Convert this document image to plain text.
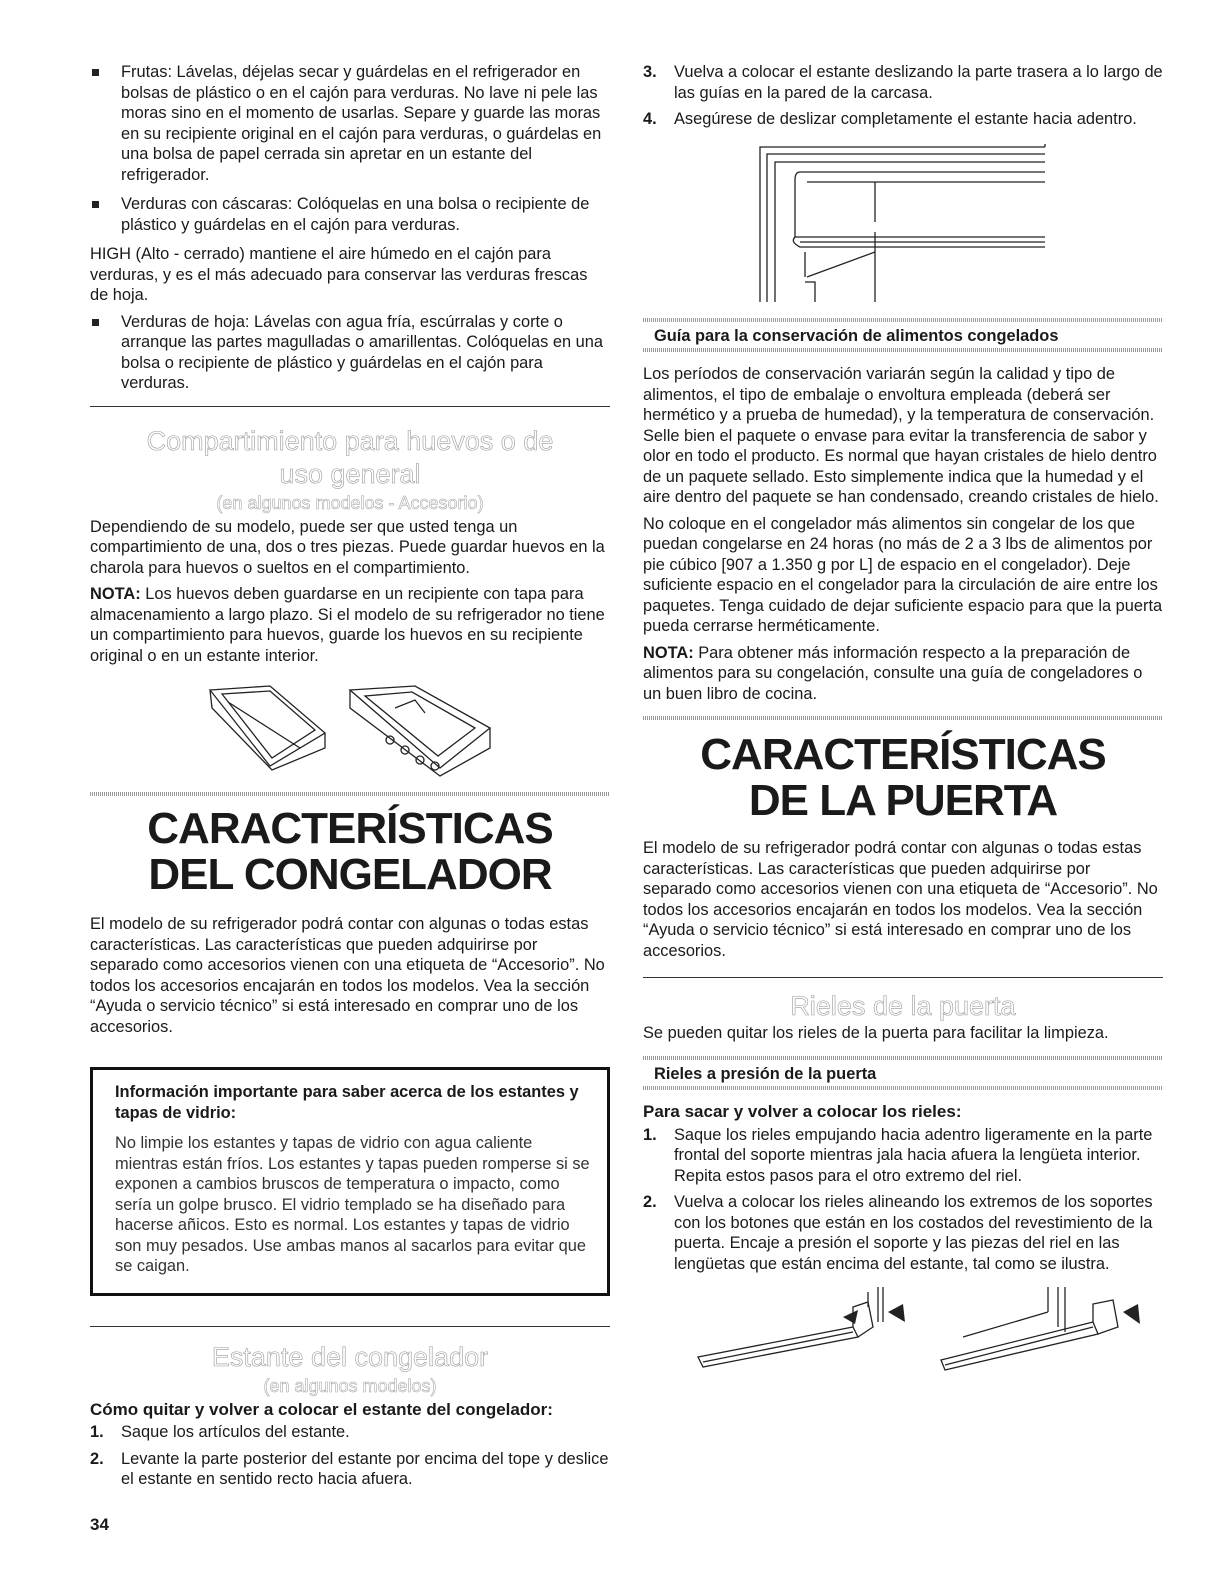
Frutas: Lávelas, déjelas secar y guárdelas en el refrigerador en bolsas de plástico o en el cajón para verduras. No lave ni pele las moras sino en el momento de usarlas. Separe y guarde las moras en su recipiente original en el cajón para verduras, o guárdelas en una bolsa de papel cerrada sin apretar en un estante del refrigerador.
Verduras con cáscaras: Colóquelas en una bolsa o recipiente de plástico y guárdelas en el cajón para verduras.

HIGH (Alto - cerrado) mantiene el aire húmedo en el cajón para verduras, y es el más adecuado para conservar las verduras frescas de hoja.

Verduras de hoja: Lávelas con agua fría, escúrralas y corte o arranque las partes magulladas o amarillentas. Colóquelas en una bolsa o recipiente de plástico y guárdelas en el cajón para verduras.
Compartimiento para huevos o de uso general
(en algunos modelos - Accesorio)

Dependiendo de su modelo, puede ser que usted tenga un compartimiento de una, dos o tres piezas. Puede guardar huevos en la charola para huevos o sueltos en el compartimiento.

NOTA: Los huevos deben guardarse en un recipiente con tapa para almacenamiento a largo plazo. Si el modelo de su refrigerador no tiene un compartimiento para huevos, guarde los huevos en su recipiente original o en un estante interior.

CARACTERÍSTICAS DEL CONGELADOR

El modelo de su refrigerador podrá contar con algunas o todas estas características. Las características que pueden adquirirse por separado como accesorios vienen con una etiqueta de “Accesorio”. No todos los accesorios encajarán en todos los modelos. Vea la sección “Ayuda o servicio técnico” si está interesado en comprar uno de los accesorios.

Información importante para saber acerca de los estantes y tapas de vidrio:

No limpie los estantes y tapas de vidrio con agua caliente mientras están fríos. Los estantes y tapas pueden romperse si se exponen a cambios bruscos de temperatura o impacto, como sería un golpe brusco. El vidrio templado se ha diseñado para hacerse añicos. Esto es normal. Los estantes y tapas de vidrio son muy pesados. Use ambas manos al sacarlos para evitar que se caigan.

Estante del congelador
(en algunos modelos)

Cómo quitar y volver a colocar el estante del congelador:

1. Saque los artículos del estante.
2. Levante la parte posterior del estante por encima del tope y deslice el estante en sentido recto hacia afuera.
3. Vuelva a colocar el estante deslizando la parte trasera a lo largo de las guías en la pared de la carcasa.
4. Asegúrese de deslizar completamente el estante hacia adentro.
Guía para la conservación de alimentos congelados

Los períodos de conservación variarán según la calidad y tipo de alimentos, el tipo de embalaje o envoltura empleada (deberá ser hermético y a prueba de humedad), y la temperatura de conservación. Selle bien el paquete o envase para evitar la transferencia de sabor y olor en todo el producto. Es normal que hayan cristales de hielo dentro de un paquete sellado. Esto simplemente indica que la humedad y el aire dentro del paquete se han condensado, creando cristales de hielo.

No coloque en el congelador más alimentos sin congelar de los que puedan congelarse en 24 horas (no más de 2 a 3 lbs de alimentos por pie cúbico [907 a 1.350 g por L] de espacio en el congelador). Deje suficiente espacio en el congelador para la circulación de aire entre los paquetes. Tenga cuidado de dejar suficiente espacio para que la puerta pueda cerrarse herméticamente.

NOTA: Para obtener más información respecto a la preparación de alimentos para su congelación, consulte una guía de congeladores o un buen libro de cocina.

CARACTERÍSTICAS
DE LA PUERTA

El modelo de su refrigerador podrá contar con algunas o todas estas características. Las características que pueden adquirirse por separado como accesorios vienen con una etiqueta de “Accesorio”. No todos los accesorios encajarán en todos los modelos. Vea la sección “Ayuda o servicio técnico” si está interesado en comprar uno de los accesorios.

Rieles de la puerta

Se pueden quitar los rieles de la puerta para facilitar la limpieza.

Rieles a presión de la puerta

Para sacar y volver a colocar los rieles:

1. Saque los rieles empujando hacia adentro ligeramente en la parte frontal del soporte mientras jala hacia afuera la lengüeta interior. Repita estos pasos para el otro extremo del riel.
2. Vuelva a colocar los rieles alineando los extremos de los soportes con los botones que están en los costados del revestimiento de la puerta. Encaje a presión el soporte y las piezas del riel en las lengüetas que están encima del estante, tal como se ilustra.
34
